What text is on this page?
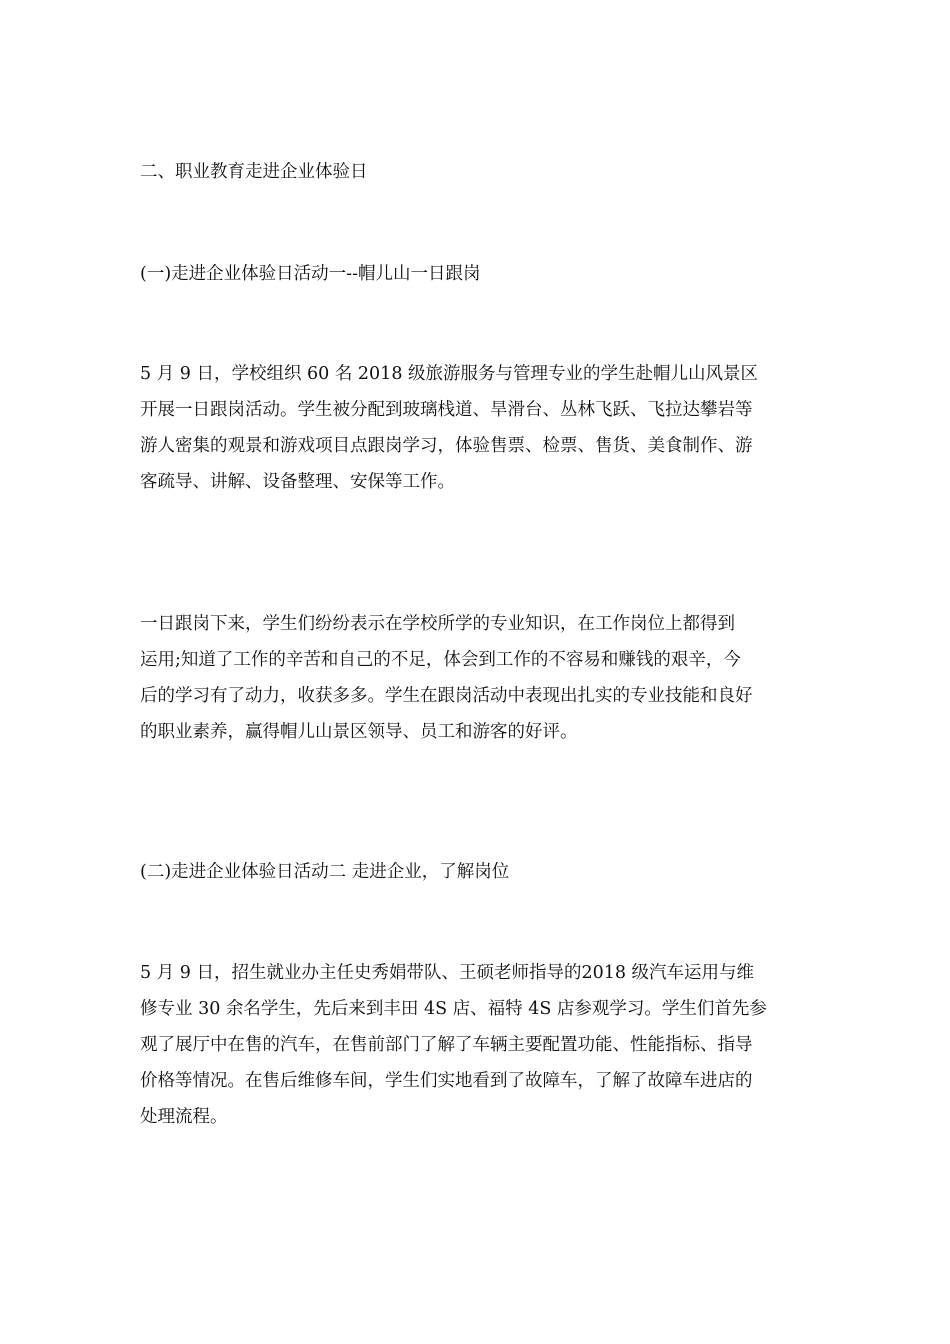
二、职业教育走进企业体验日

(一)走进企业体验日活动一--帽儿山一日跟岗

5 月 9 日，学校组织 60 名 2018 级旅游服务与管理专业的学生赴帽儿山风景区
开展一日跟岗活动。学生被分配到玻璃栈道、旱滑台、丛林飞跃、飞拉达攀岩等
游人密集的观景和游戏项目点跟岗学习，体验售票、检票、售货、美食制作、游
客疏导、讲解、设备整理、安保等工作。

一日跟岗下来，学生们纷纷表示在学校所学的专业知识，在工作岗位上都得到
运用;知道了工作的辛苦和自己的不足，体会到工作的不容易和赚钱的艰辛，今
后的学习有了动力，收获多多。学生在跟岗活动中表现出扎实的专业技能和良好
的职业素养，赢得帽儿山景区领导、员工和游客的好评。

(二)走进企业体验日活动二 走进企业，了解岗位

5 月 9 日，招生就业办主任史秀娟带队、王硕老师指导的2018 级汽车运用与维
修专业 30 余名学生，先后来到丰田 4S 店、福特 4S 店参观学习。学生们首先参
观了展厅中在售的汽车，在售前部门了解了车辆主要配置功能、性能指标、指导
价格等情况。在售后维修车间，学生们实地看到了故障车，了解了故障车进店的
处理流程。
